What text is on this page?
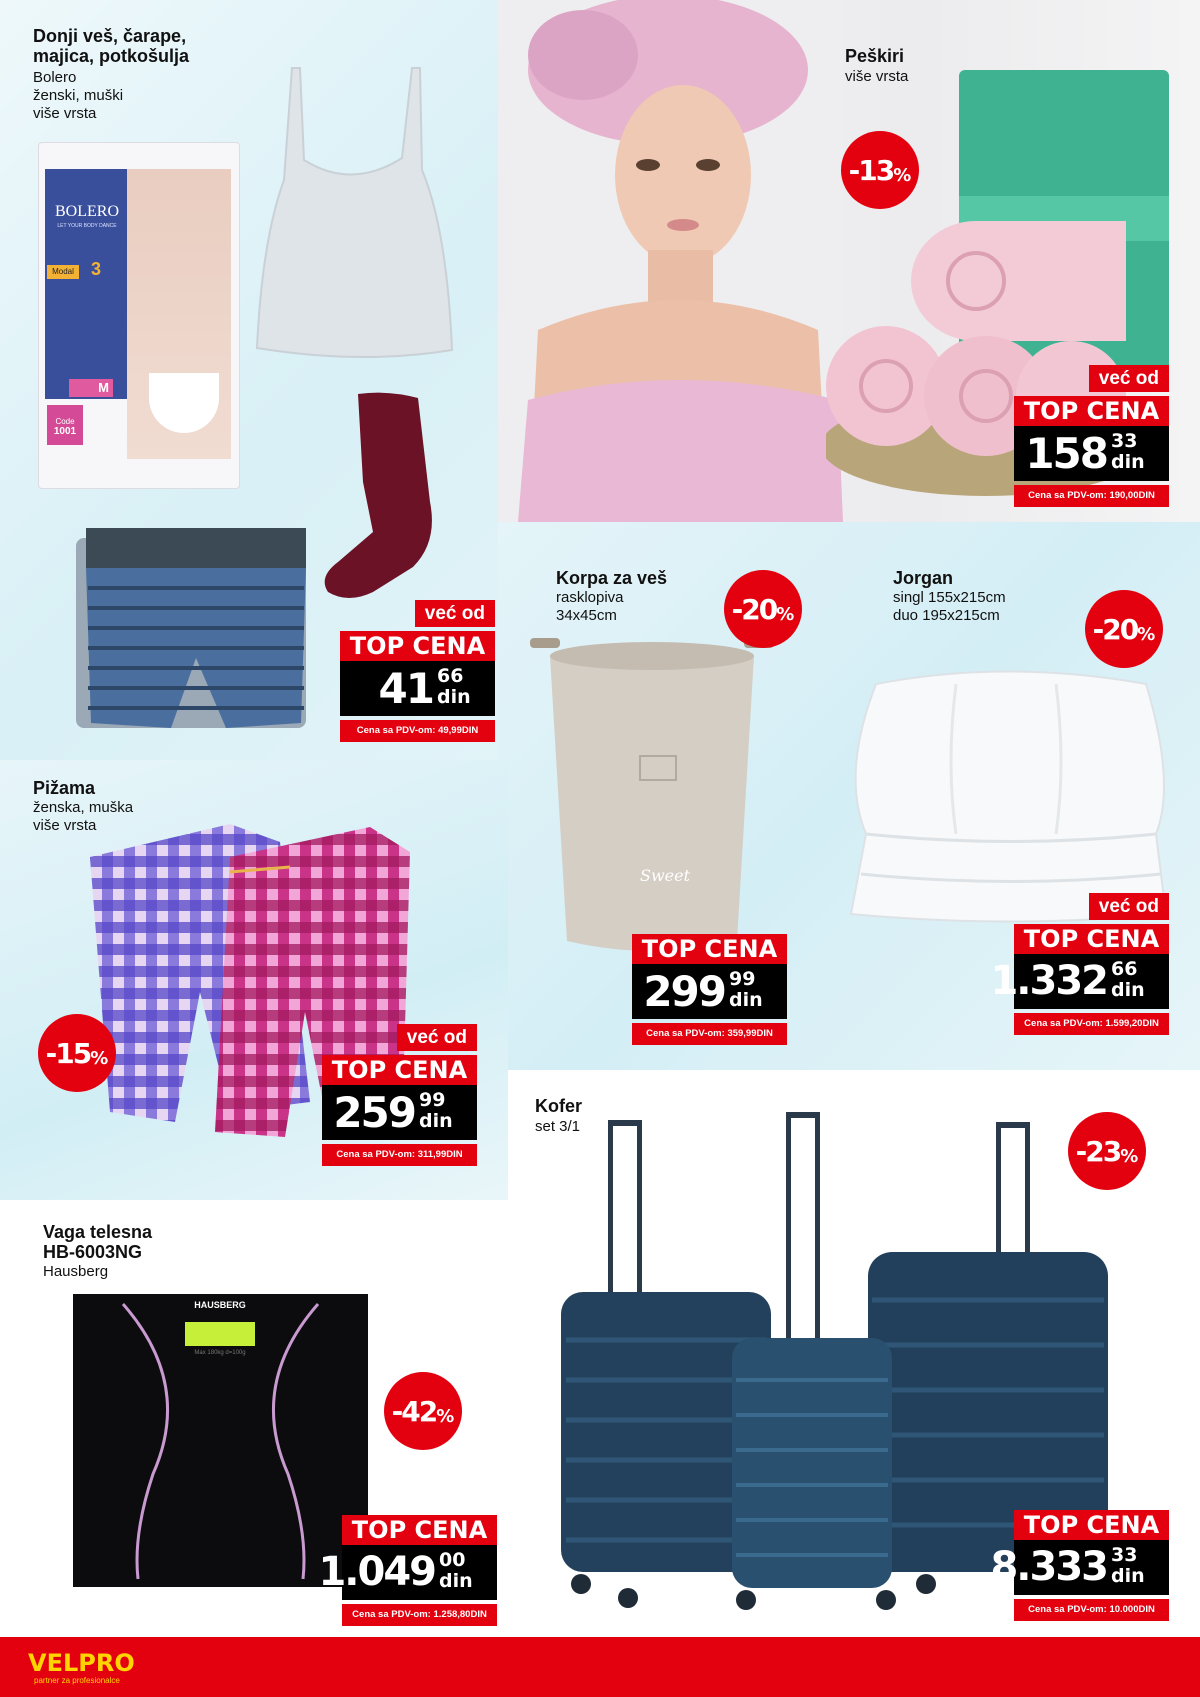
Donji veš, čarape,
majica, potkošulja
Bolero
ženski, muški
više vrsta
BOLERO
LET YOUR BODY DANCE
Modal 3
M
Code
1001
već od
TOP CENA
41 66
din
Cena sa PDV-om: 49,99DIN
Peškiri
više vrsta
-13 %
već od
TOP CENA
158 33
din
Cena sa PDV-om: 190,00DIN
Korpa za veš
rasklopiva
34x45cm
Sweet
-20 %
TOP CENA
299 99
din
Cena sa PDV-om: 359,99DIN
Jorgan
singl 155x215cm
duo 195x215cm	-20 %
već od
TOP CENA
1.332 66
din
Cena sa PDV-om: 1.599,20DIN
Pižama
ženska, muška
više vrsta
-15 %
već od
TOP CENA
259 99
din
Cena sa PDV-om: 311,99DIN
Kofer
set 3/1
-23 %
TOP CENA
8.333 33
din
Cena sa PDV-om: 10.000DIN
Vaga telesna
HB-6003NG
Hausberg
HAUSBERG
Max 180kg d=100g
-42 %
TOP CENA
1.049 00
din
Cena sa PDV-om: 1.258,80DIN
VELPRO
partner za profesionalce
